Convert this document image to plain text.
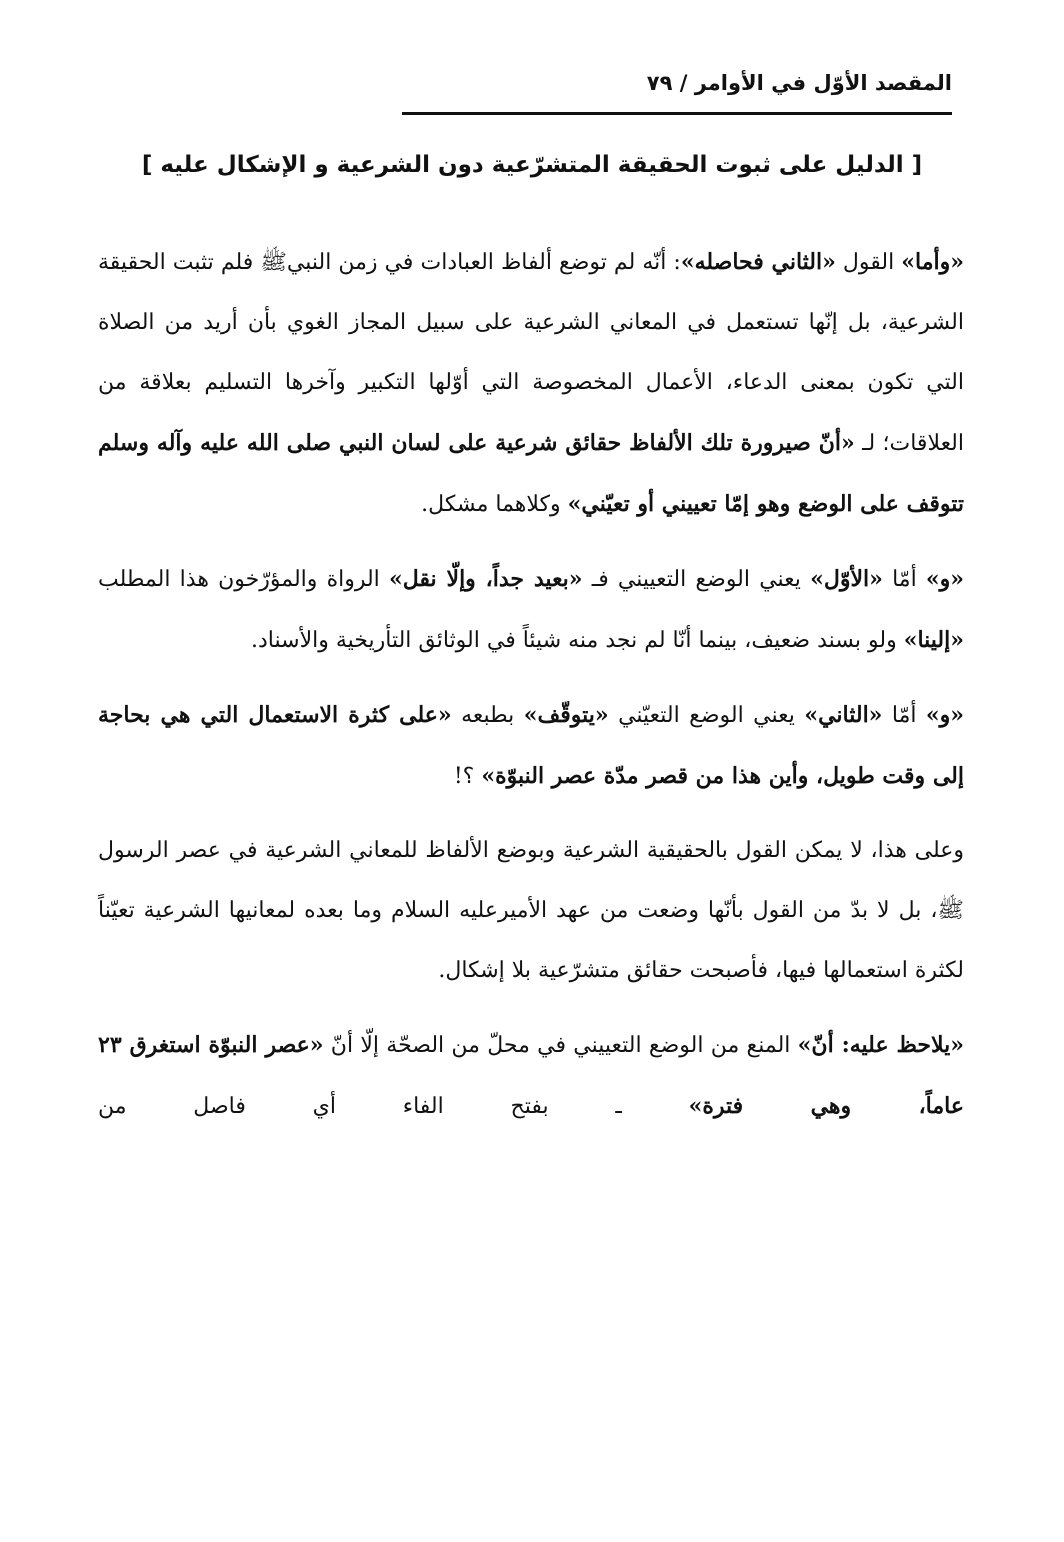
المقصد الأوّل في الأوامر / ٧٩
[ الدليل على ثبوت الحقيقة المتشرّعية دون الشرعية و الإشكال عليه ]

«وأما» القول «الثاني فحاصله»: أنّه لم توضع ألفاظ العبادات في زمن النبيﷺ فلم تثبت الحقيقة الشرعية، بل إنّها تستعمل في المعاني الشرعية على سبيل المجاز الغوي بأن أريد من الصلاة التي تكون بمعنى الدعاء، الأعمال المخصوصة التي أوّلها التكبير وآخرها التسليم بعلاقة من العلاقات؛ لـ «أنّ صيرورة تلك الألفاظ حقائق شرعية على لسان النبي صلى الله عليه وآله وسلم تتوقف على الوضع وهو إمّا تعييني أو تعيّني» وكلاهما مشكل.

«و» أمّا «الأوّل» يعني الوضع التعييني فـ «بعيد جداً، وإلّا نقل» الرواة والمؤرّخون هذا المطلب «إلينا» ولو بسند ضعيف، بينما أنّا لم نجد منه شيئاً في الوثائق التأريخية والأسناد.

«و» أمّا «الثاني» يعني الوضع التعيّني «يتوقّف» بطبعه «على كثرة الاستعمال التي هي بحاجة إلى وقت طويل، وأين هذا من قصر مدّة عصر النبوّة» ؟!

وعلى هذا، لا يمكن القول بالحقيقية الشرعية وبوضع الألفاظ للمعاني الشرعية في عصر الرسول ﷺ، بل لا بدّ من القول بأنّها وضعت من عهد الأميرعليه السلام وما بعده لمعانيها الشرعية تعيّناً لكثرة استعمالها فيها، فأصبحت حقائق متشرّعية بلا إشكال.

«يلاحظ عليه: أنّ» المنع من الوضع التعييني في محلّ من الصحّة إلّا أنّ «عصر النبوّة استغرق ٢٣ عاماً، وهي فترة» ـ بفتح الفاء أي فاصل من
